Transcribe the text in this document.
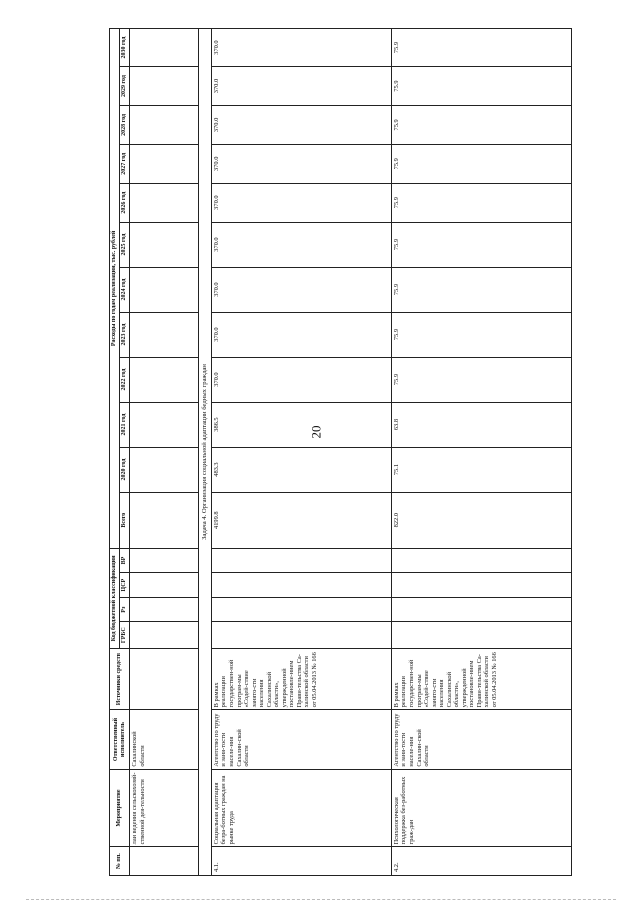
20
№ пп.	Мероприятие	Ответственный исполнитель	Источники средств	Код бюджетной классификации				Расходы по годам реализации, тыс. рублей											
				ГРБС	Рз	ЦСР	ВР	Всего	2020 год	2021 год	2022 год	2023 год	2024 год	2025 год	2026 год	2027 год	2028 год	2029 год	2030 год
	лаи ведения сельскохозяй-ственной дея-тельности	Сахалинской области																	
Задача 4. Организация социальной адаптации бедных граждан																			
4.1.	Социальная адаптация безра-ботных граждан на рынке труда	Агентство по труду и заня-тости населе-ния Сахалин-ской области	В рамках реализации государствен-ной програм-мы «Содей-ствие занято-сти населения Сахалинской области», утвержденной постановле-нием Прави-тельства Са-халинской области от 05.04.2013 № 166					4199.8	483.3	386.5	370.0	370.0	370.0	370.0	370.0	370.0	370.0	370.0	370.0
4.2.	Психологическая поддержка без-работных граж-дан	Агентство по труду и заня-тости населе-ния Сахалин-ской области	В рамках реализации государствен-ной програм-мы «Содей-ствие занято-сти населения Сахалинской области», утвержденной постановле-нием Прави-тельства Са-халинской области от 05.04.2013 № 166					822.0	75.1	63.8	75.9	75.9	75.9	75.9	75.9	75.9	75.9	75.9	75.9
